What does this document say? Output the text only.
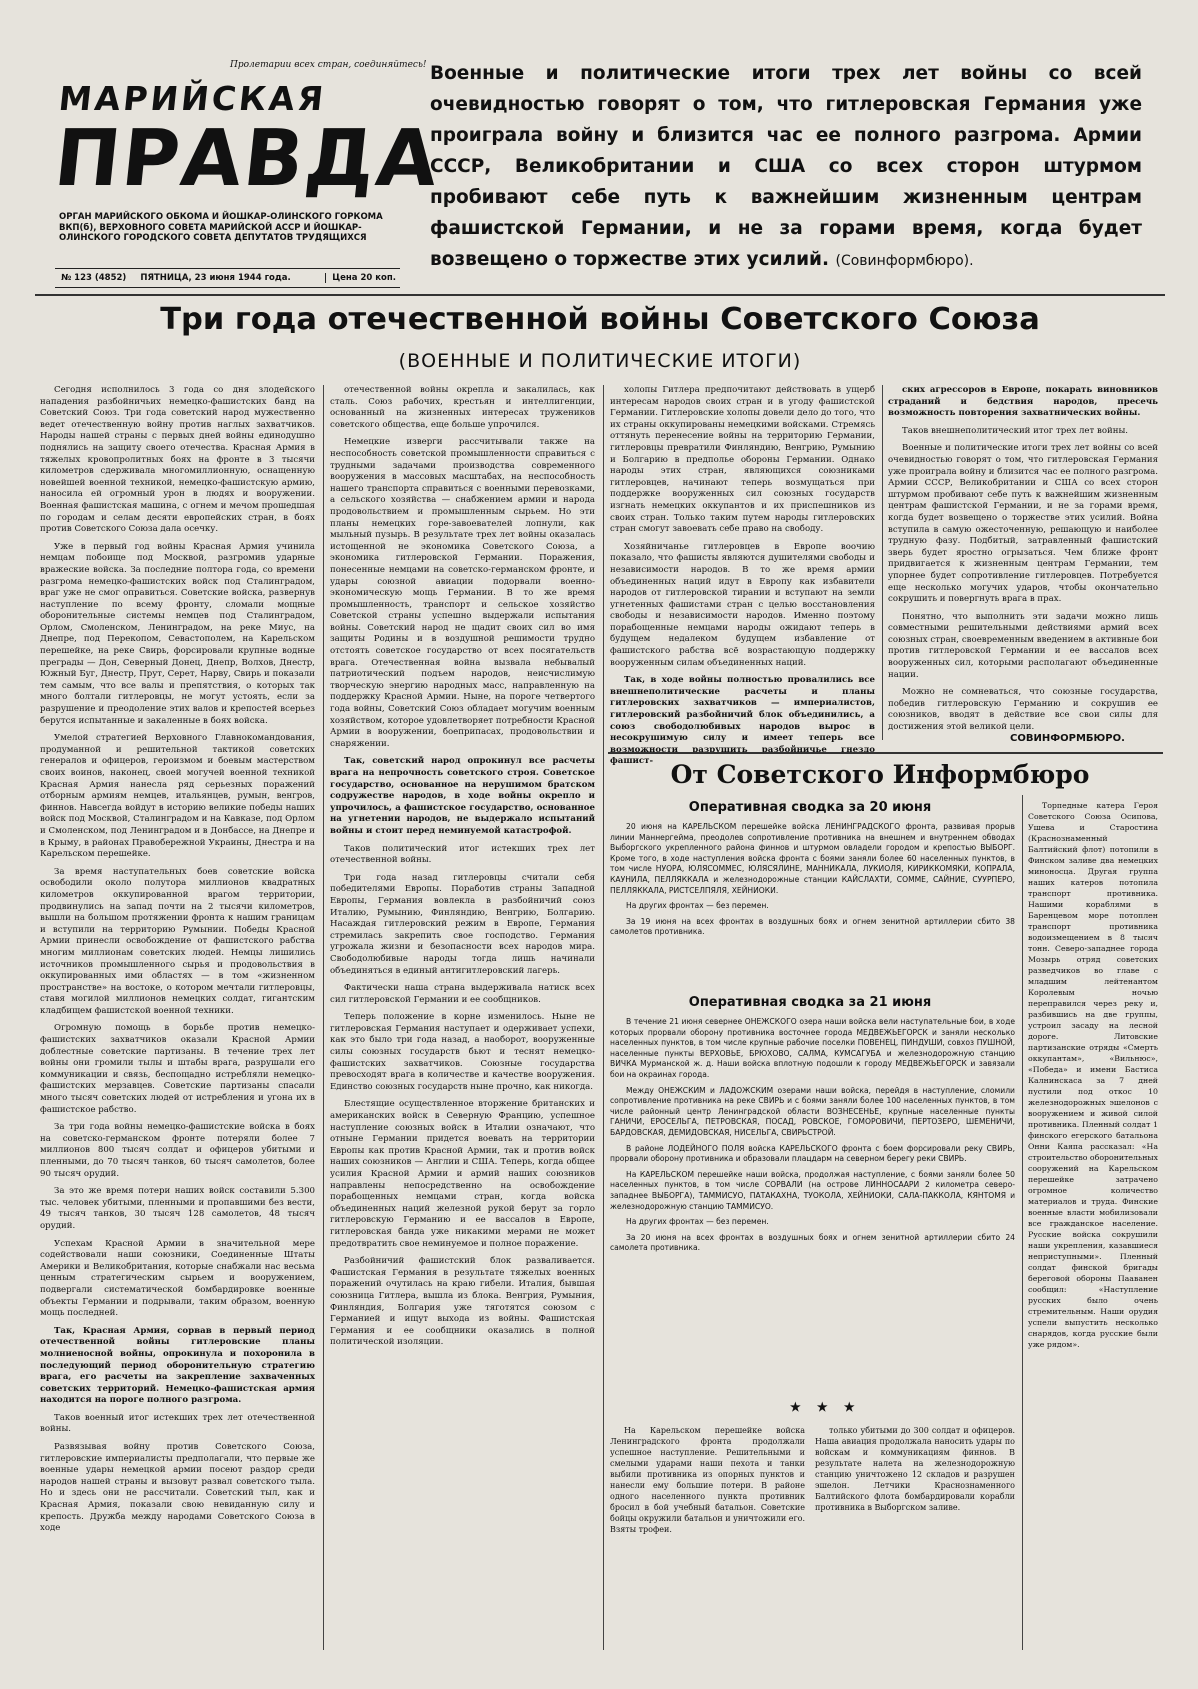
Пролетарии всех стран, соединяйтесь!
МАРИЙСКАЯ
ПРАВДА
ОРГАН МАРИЙСКОГО ОБКОМА И ЙОШКАР-ОЛИНСКОГО ГОРКОМА ВКП(б), ВЕРХОВНОГО СОВЕТА МАРИЙСКОЙ АССР И ЙОШКАР-ОЛИНСКОГО ГОРОДСКОГО СОВЕТА ДЕПУТАТОВ ТРУДЯЩИХСЯ
№ 123 (4852) ПЯТНИЦА, 23 июня 1944 года.	Цена 20 коп.
Военные и политические итоги трех лет войны со всей очевидностью говорят о том, что гитлеровская Германия уже проиграла войну и близится час ее полного разгрома. Армии СССР, Великобритании и США со всех сторон штурмом пробивают себе путь к важнейшим жизненным центрам фашистской Германии, и не за горами время, когда будет возвещено о торжестве этих усилий. (Совинформбюро).
Три года отечественной войны Советского Союза
(ВОЕННЫЕ И ПОЛИТИЧЕСКИЕ ИТОГИ)

Сегодня исполнилось 3 года со дня злодейского нападения разбойничьих немецко-фашистских банд на Советский Союз. Три года советский народ мужественно ведет отечественную войну против наглых захватчиков. Народы нашей страны с первых дней войны единодушно поднялись на защиту своего отечества. Красная Армия в тяжелых кровопролитных боях на фронте в 3 тысячи километров сдерживала многомиллионную, оснащенную новейшей военной техникой, немецко-фашистскую армию, наносила ей огромный урон в людях и вооружении. Военная фашистская машина, с огнем и мечом прошедшая по городам и селам десяти европейских стран, в боях против Советского Союза дала осечку.

Уже в первый год войны Красная Армия учинила немцам побоище под Москвой, разгромив ударные вражеские войска. За последние полтора года, со времени разгрома немецко-фашистских войск под Сталинградом, враг уже не смог оправиться. Советские войска, развернув наступление по всему фронту, сломали мощные оборонительные системы немцев под Сталинградом, Орлом, Смоленском, Ленинградом, на реке Миус, на Днепре, под Перекопом, Севастополем, на Карельском перешейке, на реке Свирь, форсировали крупные водные преграды — Дон, Северный Донец, Днепр, Волхов, Днестр, Южный Буг, Днестр, Прут, Серет, Нарву, Свирь и показали тем самым, что все валы и препятствия, о которых так много болтали гитлеровцы, не могут устоять, если за разрушение и преодоление этих валов и крепостей всерьез берутся испытанные и закаленные в боях войска.

Умелой стратегией Верховного Главнокомандования, продуманной и решительной тактикой советских генералов и офицеров, героизмом и боевым мастерством своих воинов, наконец, своей могучей военной техникой Красная Армия нанесла ряд серьезных поражений отборным армиям немцев, итальянцев, румын, венгров, финнов. Навсегда войдут в историю великие победы наших войск под Москвой, Сталинградом и на Кавказе, под Орлом и Смоленском, под Ленинградом и в Донбассе, на Днепре и в Крыму, в районах Правобережной Украины, Днестра и на Карельском перешейке.

За время наступательных боев советские войска освободили около полутора миллионов квадратных километров оккупированной врагом территории, продвинулись на запад почти на 2 тысячи километров, вышли на большом протяжении фронта к нашим границам и вступили на территорию Румынии. Победы Красной Армии принесли освобождение от фашистского рабства многим миллионам советских людей. Немцы лишились источников промышленного сырья и продовольствия в оккупированных ими областях — в том «жизненном пространстве» на востоке, о котором мечтали гитлеровцы, ставя могилой миллионов немецких солдат, гигантским кладбищем фашистской военной техники.

Огромную помощь в борьбе против немецко-фашистских захватчиков оказали Красной Армии доблестные советские партизаны. В течение трех лет войны они громили тылы и штабы врага, разрушали его коммуникации и связь, беспощадно истребляли немецко-фашистских мерзавцев. Советские партизаны спасали много тысяч советских людей от истребления и угона их в фашистское рабство.

За три года войны немецко-фашистские войска в боях на советско-германском фронте потеряли более 7 миллионов 800 тысяч солдат и офицеров убитыми и пленными, до 70 тысяч танков, 60 тысяч самолетов, более 90 тысяч орудий.

За это же время потери наших войск составили 5.300 тыс. человек убитыми, пленными и пропавшими без вести, 49 тысяч танков, 30 тысяч 128 самолетов, 48 тысяч орудий.

Успехам Красной Армии в значительной мере содействовали наши союзники, Соединенные Штаты Америки и Великобритания, которые снабжали нас весьма ценным стратегическим сырьем и вооружением, подвергали систематической бомбардировке военные объекты Германии и подрывали, таким образом, военную мощь последней.

Так, Красная Армия, сорвав в первый период отечественной войны гитлеровские планы молниеносной войны, опрокинула и похоронила в последующий период оборонительную стратегию врага, его расчеты на закрепление захваченных советских территорий. Немецко-фашистская армия находится на пороге полного разгрома.

Таков военный итог истекших трех лет отечественной войны.

Развязывая войну против Советского Союза, гитлеровские империалисты предполагали, что первые же военные удары немецкой армии посеют раздор среди народов нашей страны и вызовут развал советского тыла. Но и здесь они не рассчитали. Советский тыл, как и Красная Армия, показали свою невиданную силу и крепость. Дружба между народами Советского Союза в ходе

отечественной войны окрепла и закалилась, как сталь. Союз рабочих, крестьян и интеллигенции, основанный на жизненных интересах тружеников советского общества, еще больше упрочился.

Немецкие изверги рассчитывали также на неспособность советской промышленности справиться с трудными задачами производства современного вооружения в массовых масштабах, на неспособность нашего транспорта справиться с военными перевозками, а сельского хозяйства — снабжением армии и народа продовольствием и промышленным сырьем. Но эти планы немецких горе-завоевателей лопнули, как мыльный пузырь. В результате трех лет войны оказалась истощенной не экономика Советского Союза, а экономика гитлеровской Германии. Поражения, понесенные немцами на советско-германском фронте, и удары союзной авиации подорвали военно-экономическую мощь Германии. В то же время промышленность, транспорт и сельское хозяйство Советской страны успешно выдержали испытания войны. Советский народ не щадит своих сил во имя защиты Родины и в воздушной решимости трудно отстоять советское государство от всех посягательств врага. Отечественная война вызвала небывалый патриотический подъем народов, неисчислимую творческую энергию народных масс, направленную на поддержку Красной Армии. Ныне, на пороге четвертого года войны, Советский Союз обладает могучим военным хозяйством, которое удовлетворяет потребности Красной Армии в вооружении, боеприпасах, продовольствии и снаряжении.

Так, советский народ опрокинул все расчеты врага на непрочность советского строя. Советское государство, основанное на нерушимом братском содружестве народов, в ходе войны окрепло и упрочилось, а фашистское государство, основанное на угнетении народов, не выдержало испытаний войны и стоит перед неминуемой катастрофой.

Таков политический итог истекших трех лет отечественной войны.

Три года назад гитлеровцы считали себя победителями Европы. Поработив страны Западной Европы, Германия вовлекла в разбойничий союз Италию, Румынию, Финляндию, Венгрию, Болгарию. Насаждая гитлеровский режим в Европе, Германия стремилась закрепить свое господство. Германия угрожала жизни и безопасности всех народов мира. Свободолюбивые народы тогда лишь начинали объединяться в единый антигитлеровский лагерь.

Фактически наша страна выдерживала натиск всех сил гитлеровской Германии и ее сообщников.

Теперь положение в корне изменилось. Ныне не гитлеровская Германия наступает и одерживает успехи, как это было три года назад, а наоборот, вооруженные силы союзных государств бьют и теснят немецко-фашистских захватчиков. Союзные государства превосходят врага в количестве и качестве вооружения. Единство союзных государств ныне прочно, как никогда.

Блестящие осуществленное вторжение британских и американских войск в Северную Францию, успешное наступление союзных войск в Италии означают, что отныне Германии придется воевать на территории Европы как против Красной Армии, так и против войск наших союзников — Англии и США. Теперь, когда общее усилия Красной Армии и армий наших союзников направлены непосредственно на освобождение порабощенных немцами стран, когда войска объединенных наций железной рукой берут за горло гитлеровскую Германию и ее вассалов в Европе, гитлеровская банда уже никакими мерами не может предотвратить свое неминуемое и полное поражение.

Разбойничий фашистский блок разваливается. Фашистская Германия в результате тяжелых военных поражений очутилась на краю гибели. Италия, бывшая союзница Гитлера, вышла из блока. Венгрия, Румыния, Финляндия, Болгария уже тяготятся союзом с Германией и ищут выхода из войны. Фашистская Германия и ее сообщники оказались в полной политической изоляции.

холопы Гитлера предпочитают действовать в ущерб интересам народов своих стран и в угоду фашистской Германии. Гитлеровские холопы довели дело до того, что их страны оккупированы немецкими войсками. Стремясь оттянуть перенесение войны на территорию Германии, гитлеровцы превратили Финляндию, Венгрию, Румынию и Болгарию в предполье обороны Германии. Однако народы этих стран, являющихся союзниками гитлеровцев, начинают теперь возмущаться при поддержке вооруженных сил союзных государств изгнать немецких оккупантов и их приспешников из своих стран. Только таким путем народы гитлеровских стран смогут завоевать себе право на свободу.

Хозяйничанье гитлеровцев в Европе воочию показало, что фашисты являются душителями свободы и независимости народов. В то же время армии объединенных наций идут в Европу как избавители народов от гитлеровской тирании и вступают на земли угнетенных фашистами стран с целью восстановления свободы и независимости народов. Именно поэтому порабощенные немцами народы ожидают теперь в будущем недалеком будущем избавление от фашистского рабства всё возрастающую поддержку вооруженным силам объединенных наций.

Так, в ходе войны полностью провалились все внешнеполитические расчеты и планы гитлеровских захватчиков — империалистов, гитлеровский разбойничий блок объединились, а союз свободолюбивых народов вырос в несокрушимую силу и имеет теперь все возможности разрушить разбойничье гнездо фашист-

ских агрессоров в Европе, покарать виновников страданий и бедствия народов, пресечь возможность повторения захватнических войны.

Таков внешнеполитический итог трех лет войны.

Военные и политические итоги трех лет войны со всей очевидностью говорят о том, что гитлеровская Германия уже проиграла войну и близится час ее полного разгрома. Армии СССР, Великобритании и США со всех сторон штурмом пробивают себе путь к важнейшим жизненным центрам фашистской Германии, и не за горами время, когда будет возвещено о торжестве этих усилий. Война вступила в самую ожесточенную, решающую и наиболее трудную фазу. Подбитый, затравленный фашистский зверь будет яростно огрызаться. Чем ближе фронт придвигается к жизненным центрам Германии, тем упорнее будет сопротивление гитлеровцев. Потребуется еще несколько могучих ударов, чтобы окончательно сокрушить и повергнуть врага в прах.

Понятно, что выполнить эти задачи можно лишь совместными решительными действиями армий всех союзных стран, своевременным введением в активные бои против гитлеровской Германии и ее вассалов всех вооруженных сил, которыми располагают объединенные нации.

Можно не сомневаться, что союзные государства, победив гитлеровскую Германию и сокрушив ее союзников, вводят в действие все свои силы для достижения этой великой цели.

СОВИНФОРМБЮРО.
От Советского Информбюро
Оперативная сводка за 20 июня

20 июня на КАРЕЛЬСКОМ перешейке войска ЛЕНИНГРАДСКОГО фронта, развивая прорыв линии Маннергейма, преодолев сопротивление противника на внешнем и внутреннем обводах Выборгского укрепленного района финнов и штурмом овладели городом и крепостью ВЫБОРГ. Кроме того, в ходе наступления войска фронта с боями заняли более 60 населенных пунктов, в том числе НУОРА, ЮЛЯСОММЕС, ЮЛЯСЯЛИНЕ, МАННИКАЛА, ЛУКИОЛЯ, КИРИККОМЯКИ, КОПРАЛА, КАУНИЛА, ПЕЛЛЯККАЛА и железнодорожные станции КАЙСЛАХТИ, СОММЕ, САЙНИЕ, СУУРПЕРО, ПЕЛЛЯККАЛА, РИСТСЕЛПЯЛЯ, ХЕЙНИОКИ.

На других фронтах — без перемен.

За 19 июня на всех фронтах в воздушных боях и огнем зенитной артиллерии сбито 38 самолетов противника.

Оперативная сводка за 21 июня

В течение 21 июня севернее ОНЕЖСКОГО озера наши войска вели наступательные бои, в ходе которых прорвали оборону противника восточнее города МЕДВЕЖЬЕГОРСК и заняли несколько населенных пунктов, в том числе крупные рабочие поселки ПОВЕНЕЦ, ПИНДУШИ, совхоз ПУШНОЙ, населенные пункты ВЕРХОВЬЕ, БРЮХОВО, САЛМА, КУМСАГУБА и железнодорожную станцию ВИЧКА Мурманской ж. д. Наши войска вплотную подошли к городу МЕДВЕЖЬЕГОРСК и завязали бои на окраинах города.

Между ОНЕЖСКИМ и ЛАДОЖСКИМ озерами наши войска, перейдя в наступление, сломили сопротивление противника на реке СВИРЬ и с боями заняли более 100 населенных пунктов, в том числе районный центр Ленинградской области ВОЗНЕСЕНЬЕ, крупные населенные пункты ГАНИЧИ, ЕРОСЕЛЬГА, ПЕТРОВСКАЯ, ПОСАД, РОВСКОЕ, ГОМОРОВИЧИ, ПЕРТОЗЕРО, ШЕМЕНИЧИ, БАРДОВСКАЯ, ДЕМИДОВСКАЯ, НИСЕЛЬГА, СВИРЬСТРОЙ.

В районе ЛОДЕЙНОГО ПОЛЯ войска КАРЕЛЬСКОГО фронта с боем форсировали реку СВИРЬ, прорвали оборону противника и образовали плацдарм на северном берегу реки СВИРЬ.

На КАРЕЛЬСКОМ перешейке наши войска, продолжая наступление, с боями заняли более 50 населенных пунктов, в том числе СОРВАЛИ (на острове ЛИННОСААРИ 2 километра северо-западнее ВЫБОРГА), ТАММИСУО, ПАТАКАХНА, ТУОКОЛА, ХЕЙНИОКИ, САЛА-ПАККОЛА, КЯНТОМЯ и железнодорожную станцию ТАММИСУО.

На других фронтах — без перемен.

За 20 июня на всех фронтах в воздушных боях и огнем зенитной артиллерии сбито 24 самолета противника.

★ ★ ★

На Карельском перешейке войска Ленинградского фронта продолжали успешное наступление. Решительными и смелыми ударами наши пехота и танки выбили противника из опорных пунктов и нанесли ему большие потери. В районе одного населенного пункта противник бросил в бой учебный батальон. Советские бойцы окружили батальон и уничтожили его. Взяты трофеи.

только убитыми до 300 солдат и офицеров. Наша авиация продолжала наносить удары по войскам и коммуникациям финнов. В результате налета на железнодорожную станцию уничтожено 12 складов и разрушен эшелон. Летчики Краснознаменного Балтийского флота бомбардировали корабли противника в Выборгском заливе.

Торпедные катера Героя Советского Союза Осипова, Ушева и Старостина (Краснознаменный Балтийский флот) потопили в Финском заливе два немецких миноносца. Другая группа наших катеров потопила транспорт противника. Нашими кораблями в Баренцевом море потоплен транспорт противника водоизмещением в 8 тысяч тонн. Северо-западнее города Мозырь отряд советских разведчиков во главе с младшим лейтенантом Королевым ночью переправился через реку и, разбившись на две группы, устроил засаду на лесной дороге. Литовские партизанские отряды «Смерть оккупантам», «Вильнюс», «Победа» и имени Бастиса Калнинскаса за 7 дней пустили под откос 10 железнодорожных эшелонов с вооружением и живой силой противника. Пленный солдат 1 финского егерского батальона Онни Каяпа рассказал: «На строительство оборонительных сооружений на Карельском перешейке затрачено огромное количество материалов и труда. Финские военные власти мобилизовали все гражданское население. Русские войска сокрушили наши укрепления, казавшиеся неприступными». Пленный солдат финской бригады береговой обороны Пааванен сообщил: «Наступление русских было очень стремительным. Наши орудия успели выпустить несколько снарядов, когда русские были уже рядом».
